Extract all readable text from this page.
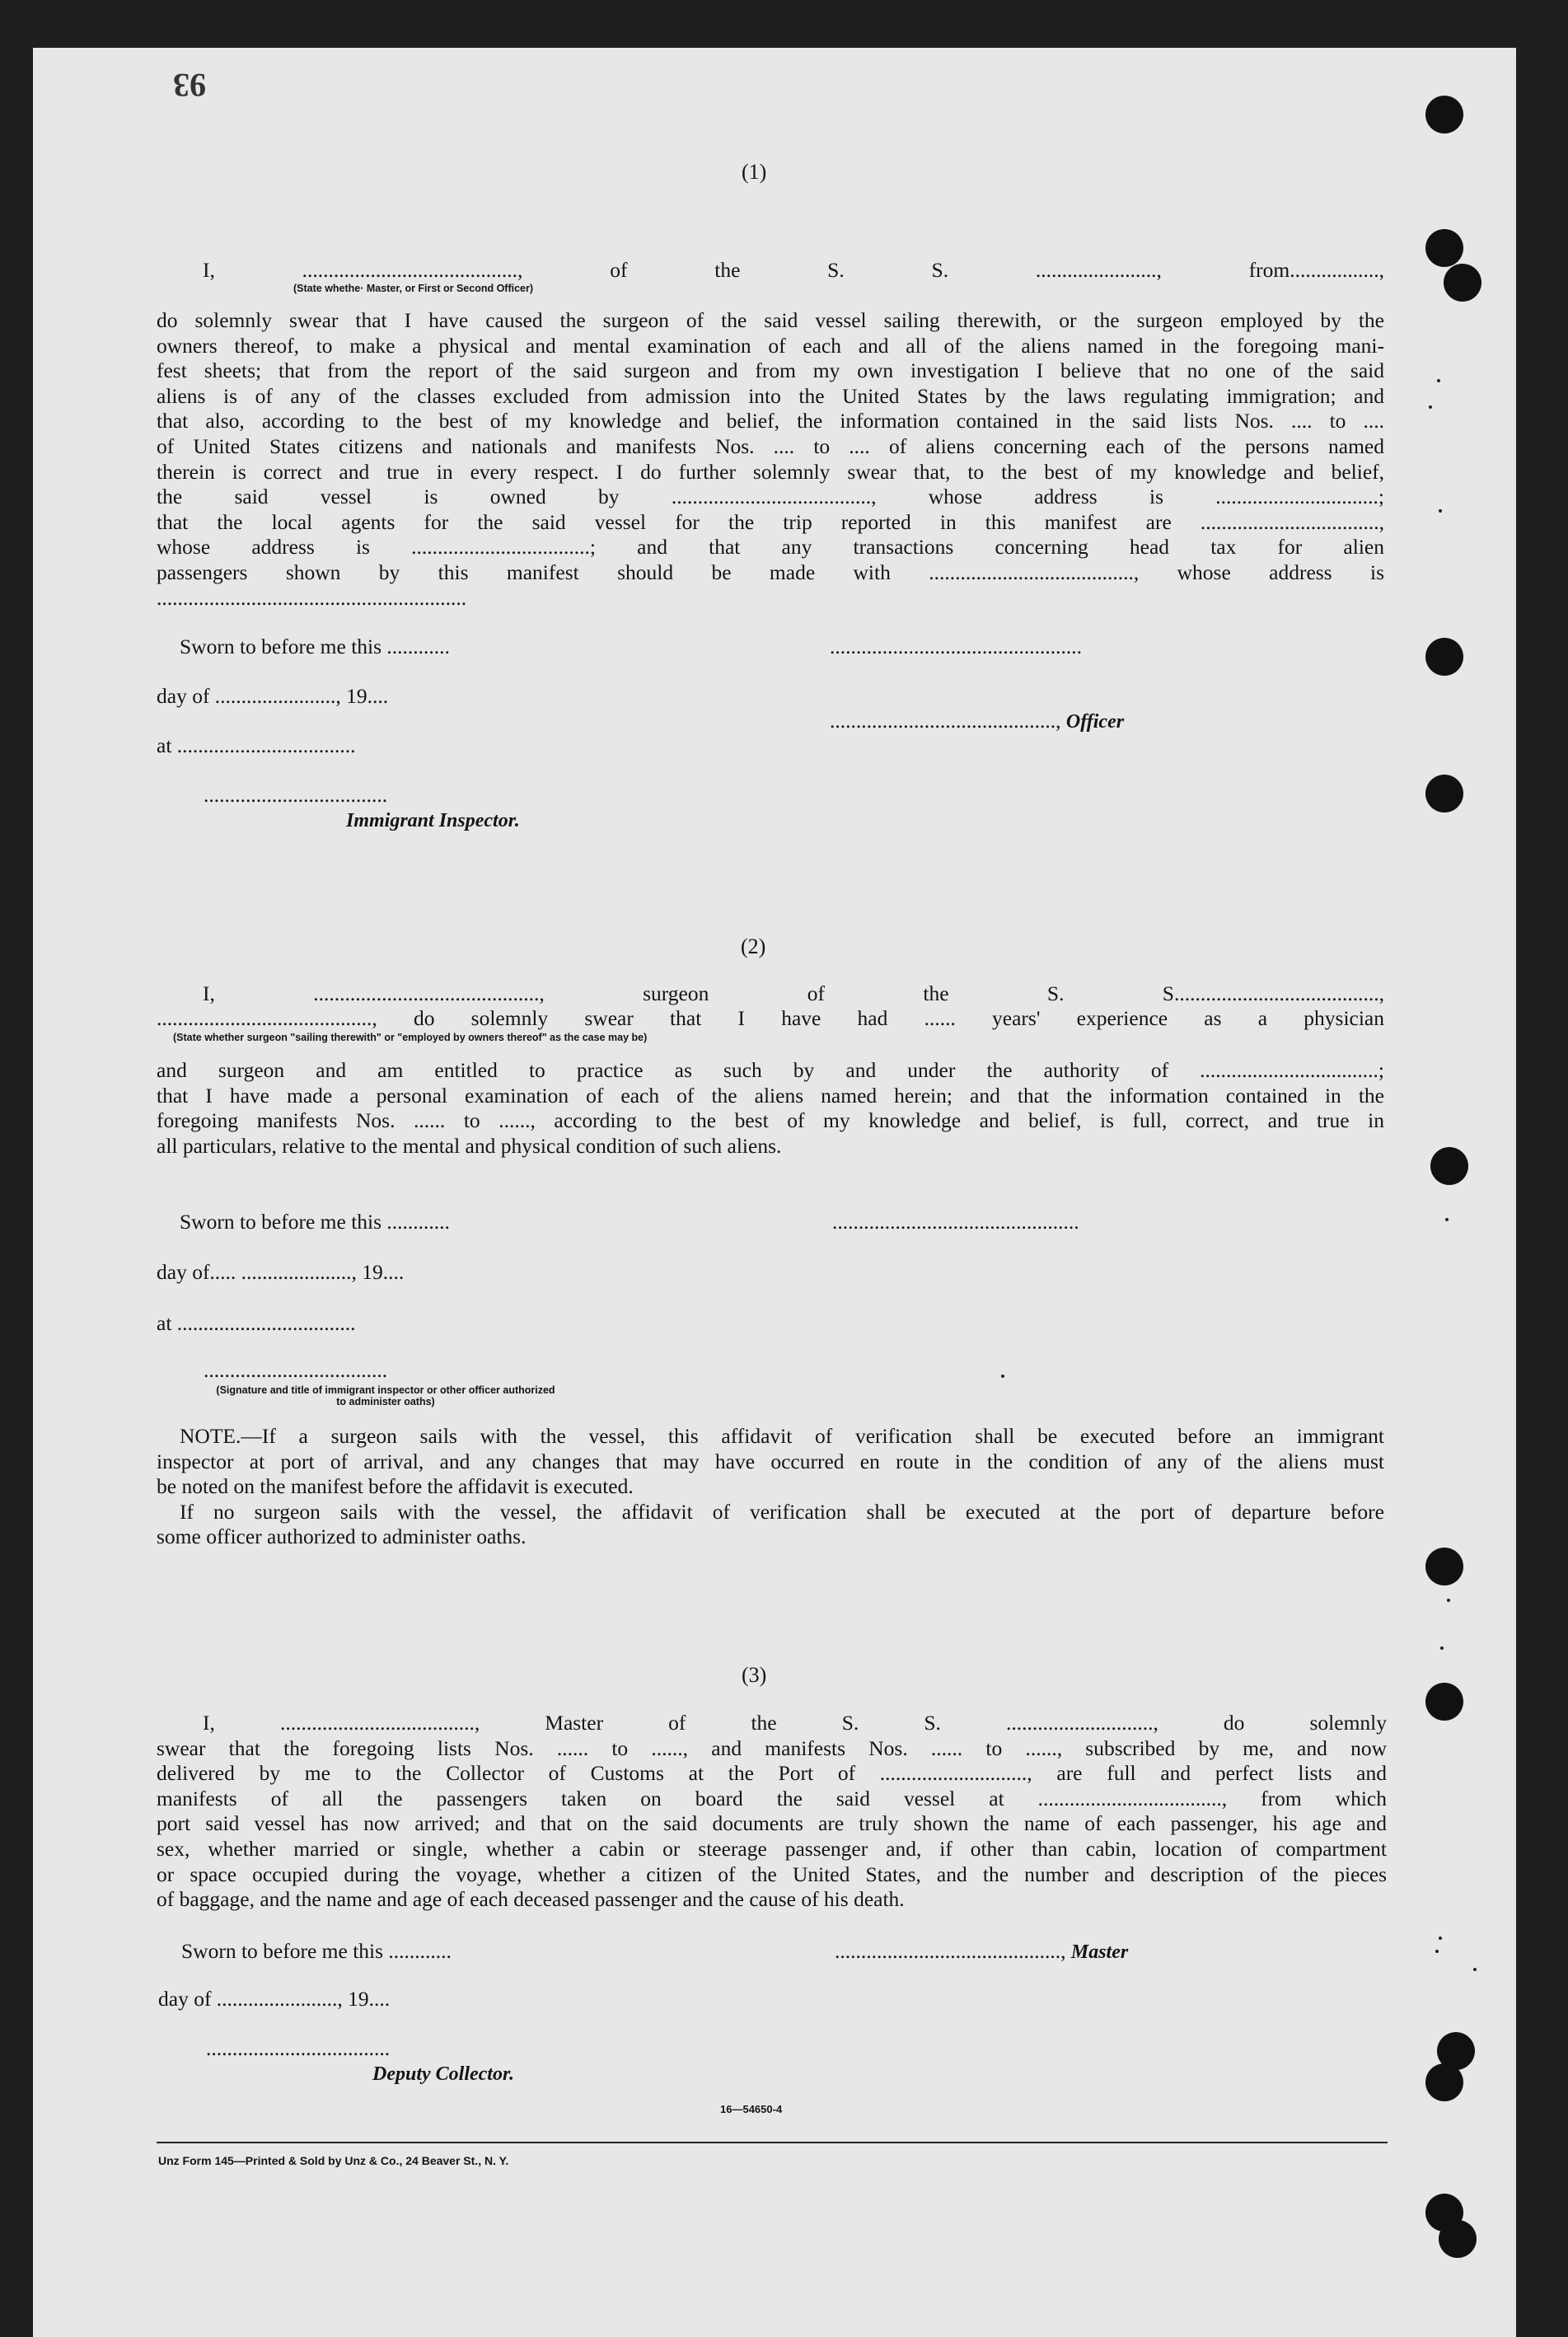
93
(1)
I, ........................................., of the S. S. ......................., from.................,
(State whethe· Master, or First or Second Officer)
do solemnly swear that I have caused the surgeon of the said vessel sailing therewith, or the surgeon employed by the
owners thereof, to make a physical and mental examination of each and all of the aliens named in the foregoing mani-
fest sheets; that from the report of the said surgeon and from my own investigation I believe that no one of the said
aliens is of any of the classes excluded from admission into the United States by the laws regulating immigration; and
that also, according to the best of my knowledge and belief, the information contained in the said lists Nos. .... to ....
of United States citizens and nationals and manifests Nos. .... to .... of aliens concerning each of the persons named
therein is correct and true in every respect. I do further solemnly swear that, to the best of my knowledge and belief,
the said vessel is owned by ......................................, whose address is ...............................;
that the local agents for the said vessel for the trip reported in this manifest are ..................................,
whose address is ..................................; and that any transactions concerning head tax for alien
passengers shown by this manifest should be made with ......................................., whose address is
...........................................................
Sworn to before me this ............	................................................
day of ......................., 19....
..........................................., Officer
at ..................................
...................................
Immigrant Inspector.
(2)
I, ..........................................., surgeon of the S. S.......................................,
........................................., do solemnly swear that I have had ...... years' experience as a physician
(State whether surgeon "sailing therewith" or "employed by owners thereof" as the case may be)
and surgeon and am entitled to practice as such by and under the authority of ..................................;
that I have made a personal examination of each of the aliens named herein; and that the information contained in the
foregoing manifests Nos. ...... to ......, according to the best of my knowledge and belief, is full, correct, and true in
all particulars, relative to the mental and physical condition of such aliens.
Sworn to before me this ............	...............................................
day of..... ....................., 19....
at ..................................
...................................
(Signature and title of immigrant inspector or other officer authorized to administer oaths)
NOTE.—If a surgeon sails with the vessel, this affidavit of verification shall be executed before an immigrant
inspector at port of arrival, and any changes that may have occurred en route in the condition of any of the aliens must
be noted on the manifest before the affidavit is executed.
If no surgeon sails with the vessel, the affidavit of verification shall be executed at the port of departure before
some officer authorized to administer oaths.
(3)
I, ....................................., Master of the S. S. ............................, do solemnly
swear that the foregoing lists Nos. ...... to ......, and manifests Nos. ...... to ......, subscribed by me, and now
delivered by me to the Collector of Customs at the Port of ............................, are full and perfect lists and
manifests of all the passengers taken on board the said vessel at ..................................., from which
port said vessel has now arrived; and that on the said documents are truly shown the name of each passenger, his age and
sex, whether married or single, whether a cabin or steerage passenger and, if other than cabin, location of compartment
or space occupied during the voyage, whether a citizen of the United States, and the number and description of the pieces
of baggage, and the name and age of each deceased passenger and the cause of his death.
Sworn to before me this ............	..........................................., Master
day of ......................., 19....
...................................
Deputy Collector.
16—54650-4
Unz Form 145—Printed & Sold by Unz & Co., 24 Beaver St., N. Y.
